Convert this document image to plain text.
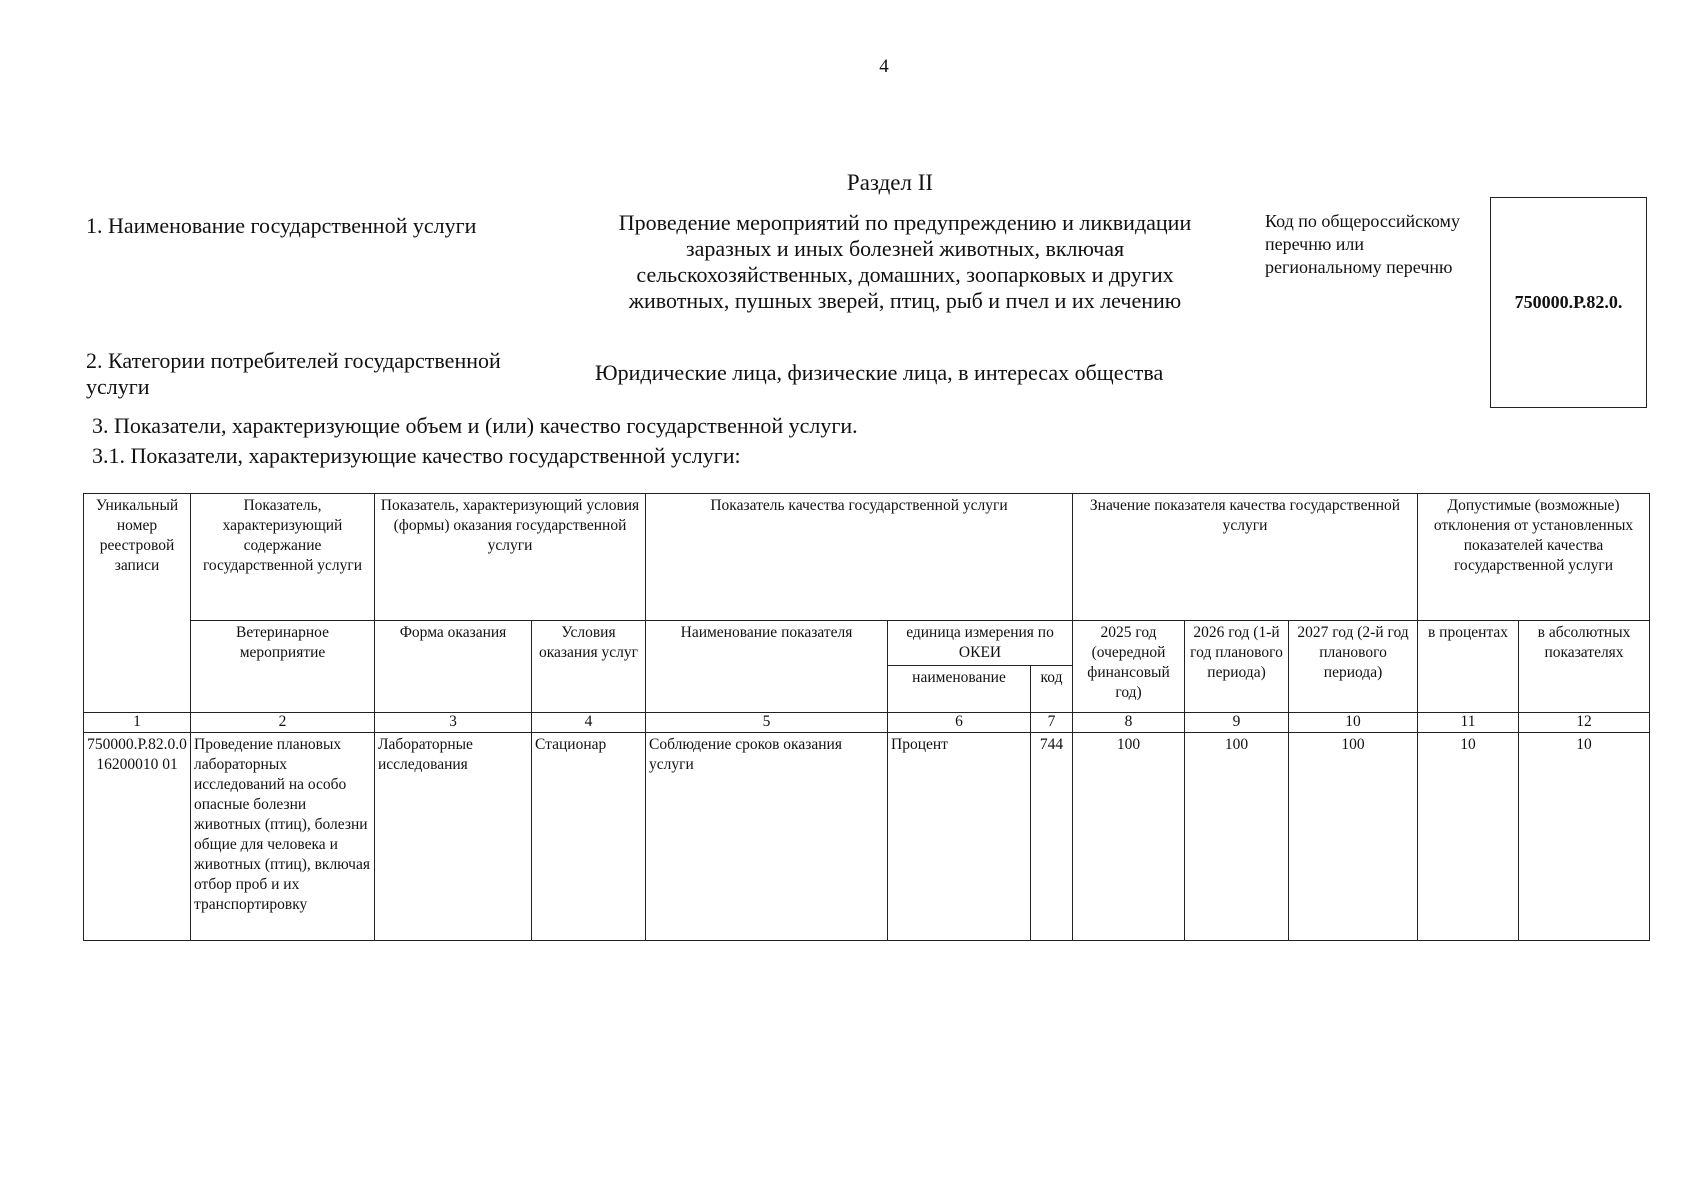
4
Раздел II
1. Наименование государственной услуги	Проведение мероприятий по предупреждению и ликвидации заразных и иных болезней животных, включая сельскохозяйственных, домашних, зоопарковых и других животных, пушных зверей, птиц, рыб и пчел и их лечению
Код по общероссийскому перечню или региональному перечню
750000.Р.82.0.
2. Категории потребителей государственной услуги
Юридические лица, физические лица, в интересах общества
3. Показатели, характеризующие объем и (или) качество государственной услуги.
3.1. Показатели, характеризующие качество государственной услуги:
Уникальный номер реестровой записи	Показатель, характеризующий содержание государственной услуги	Показатель, характеризующий условия (формы) оказания государственной услуги		Показатель качества государственной услуги			Значение показателя качества государственной услуги			Допустимые (возможные) отклонения от установленных показателей качества государственной услуги	
	Ветеринарное мероприятие	Форма оказания	Условия оказания услуг	Наименование показателя	единица измерения по ОКЕИ		2025 год (очередной финансовый год)	2026 год (1-й год планового периода)	2027 год (2-й год планового периода)	в процентах	в абсолютных показателях
					наименование	код					
1	2	3	4	5	6	7	8	9	10	11	12
750000.Р.82.0.016200010 01	Проведение плановых лабораторных исследований на особо опасные болезни животных (птиц), болезни общие для человека и животных (птиц), включая отбор проб и их транспортировку	Лабораторные исследования	Стационар	Соблюдение сроков оказания услуги	Процент	744	100	100	100	10	10
